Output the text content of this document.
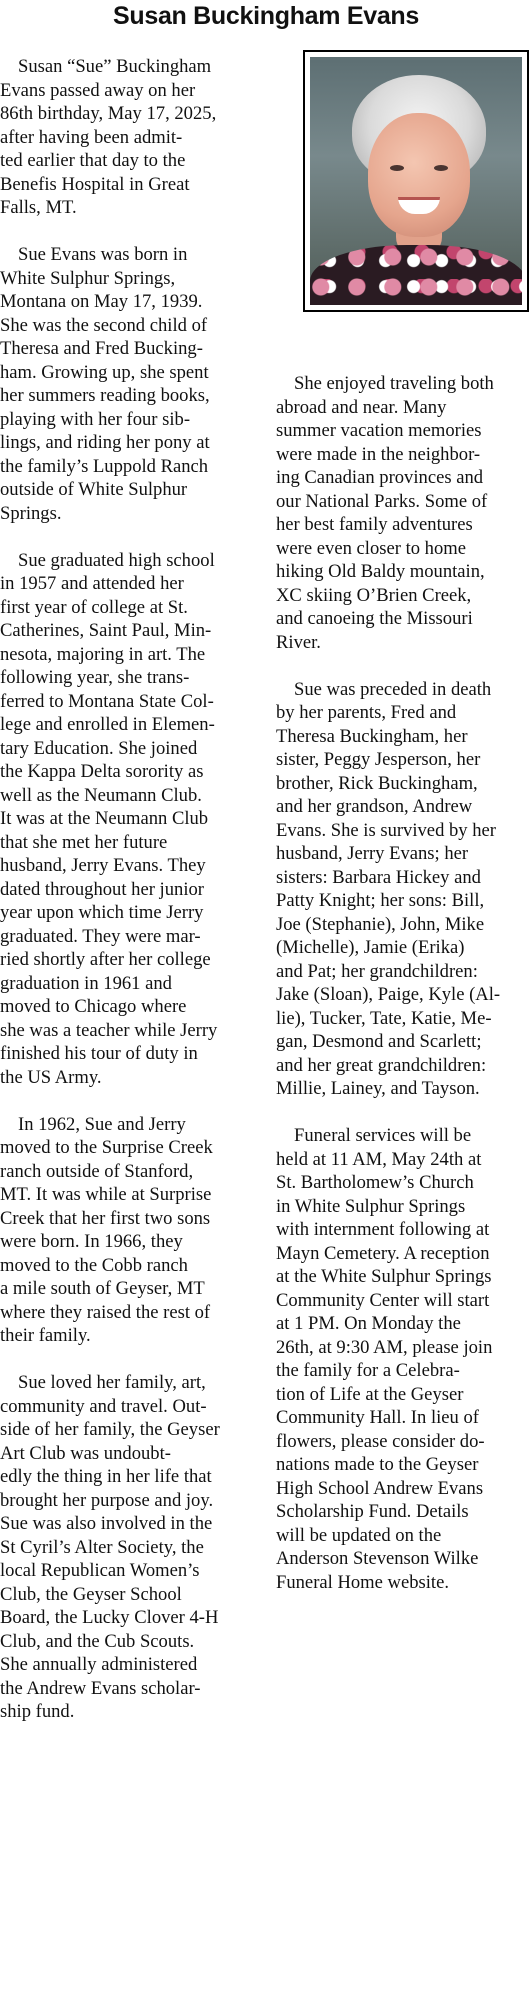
Susan Buckingham Evans

Susan “Sue” Buckingham
Evans passed away on her
86th birthday, May 17, 2025,
after having been admit-
ted earlier that day to the
Benefis Hospital in Great
Falls, MT.

Sue Evans was born in
White Sulphur Springs,
Montana on May 17, 1939.
She was the second child of
Theresa and Fred Bucking-
ham. Growing up, she spent
her summers reading books,
playing with her four sib-
lings, and riding her pony at
the family’s Luppold Ranch
outside of White Sulphur
Springs.

Sue graduated high school
in 1957 and attended her
first year of college at St.
Catherines, Saint Paul, Min-
nesota, majoring in art. The
following year, she trans-
ferred to Montana State Col-
lege and enrolled in Elemen-
tary Education. She joined
the Kappa Delta sorority as
well as the Neumann Club.
It was at the Neumann Club
that she met her future
husband, Jerry Evans. They
dated throughout her junior
year upon which time Jerry
graduated. They were mar-
ried shortly after her college
graduation in 1961 and
moved to Chicago where
she was a teacher while Jerry
finished his tour of duty in
the US Army.

In 1962, Sue and Jerry
moved to the Surprise Creek
ranch outside of Stanford,
MT. It was while at Surprise
Creek that her first two sons
were born. In 1966, they
moved to the Cobb ranch
a mile south of Geyser, MT
where they raised the rest of
their family.

Sue loved her family, art,
community and travel. Out-
side of her family, the Geyser
Art Club was undoubt-
edly the thing in her life that
brought her purpose and joy.
Sue was also involved in the
St Cyril’s Alter Society, the
local Republican Women’s
Club, the Geyser School
Board, the Lucky Clover 4-H
Club, and the Cub Scouts.
She annually administered
the Andrew Evans scholar-
ship fund.

She enjoyed traveling both
abroad and near. Many
summer vacation memories
were made in the neighbor-
ing Canadian provinces and
our National Parks. Some of
her best family adventures
were even closer to home
hiking Old Baldy mountain,
XC skiing O’Brien Creek,
and canoeing the Missouri
River.

Sue was preceded in death
by her parents, Fred and
Theresa Buckingham, her
sister, Peggy Jesperson, her
brother, Rick Buckingham,
and her grandson, Andrew
Evans. She is survived by her
husband, Jerry Evans; her
sisters: Barbara Hickey and
Patty Knight; her sons: Bill,
Joe (Stephanie), John, Mike
(Michelle), Jamie (Erika)
and Pat; her grandchildren:
Jake (Sloan), Paige, Kyle (Al-
lie), Tucker, Tate, Katie, Me-
gan, Desmond and Scarlett;
and her great grandchildren:
Millie, Lainey, and Tayson.

Funeral services will be
held at 11 AM, May 24th at
St. Bartholomew’s Church
in White Sulphur Springs
with internment following at
Mayn Cemetery. A reception
at the White Sulphur Springs
Community Center will start
at 1 PM. On Monday the
26th, at 9:30 AM, please join
the family for a Celebra-
tion of Life at the Geyser
Community Hall. In lieu of
flowers, please consider do-
nations made to the Geyser
High School Andrew Evans
Scholarship Fund. Details
will be updated on the
Anderson Stevenson Wilke
Funeral Home website.
